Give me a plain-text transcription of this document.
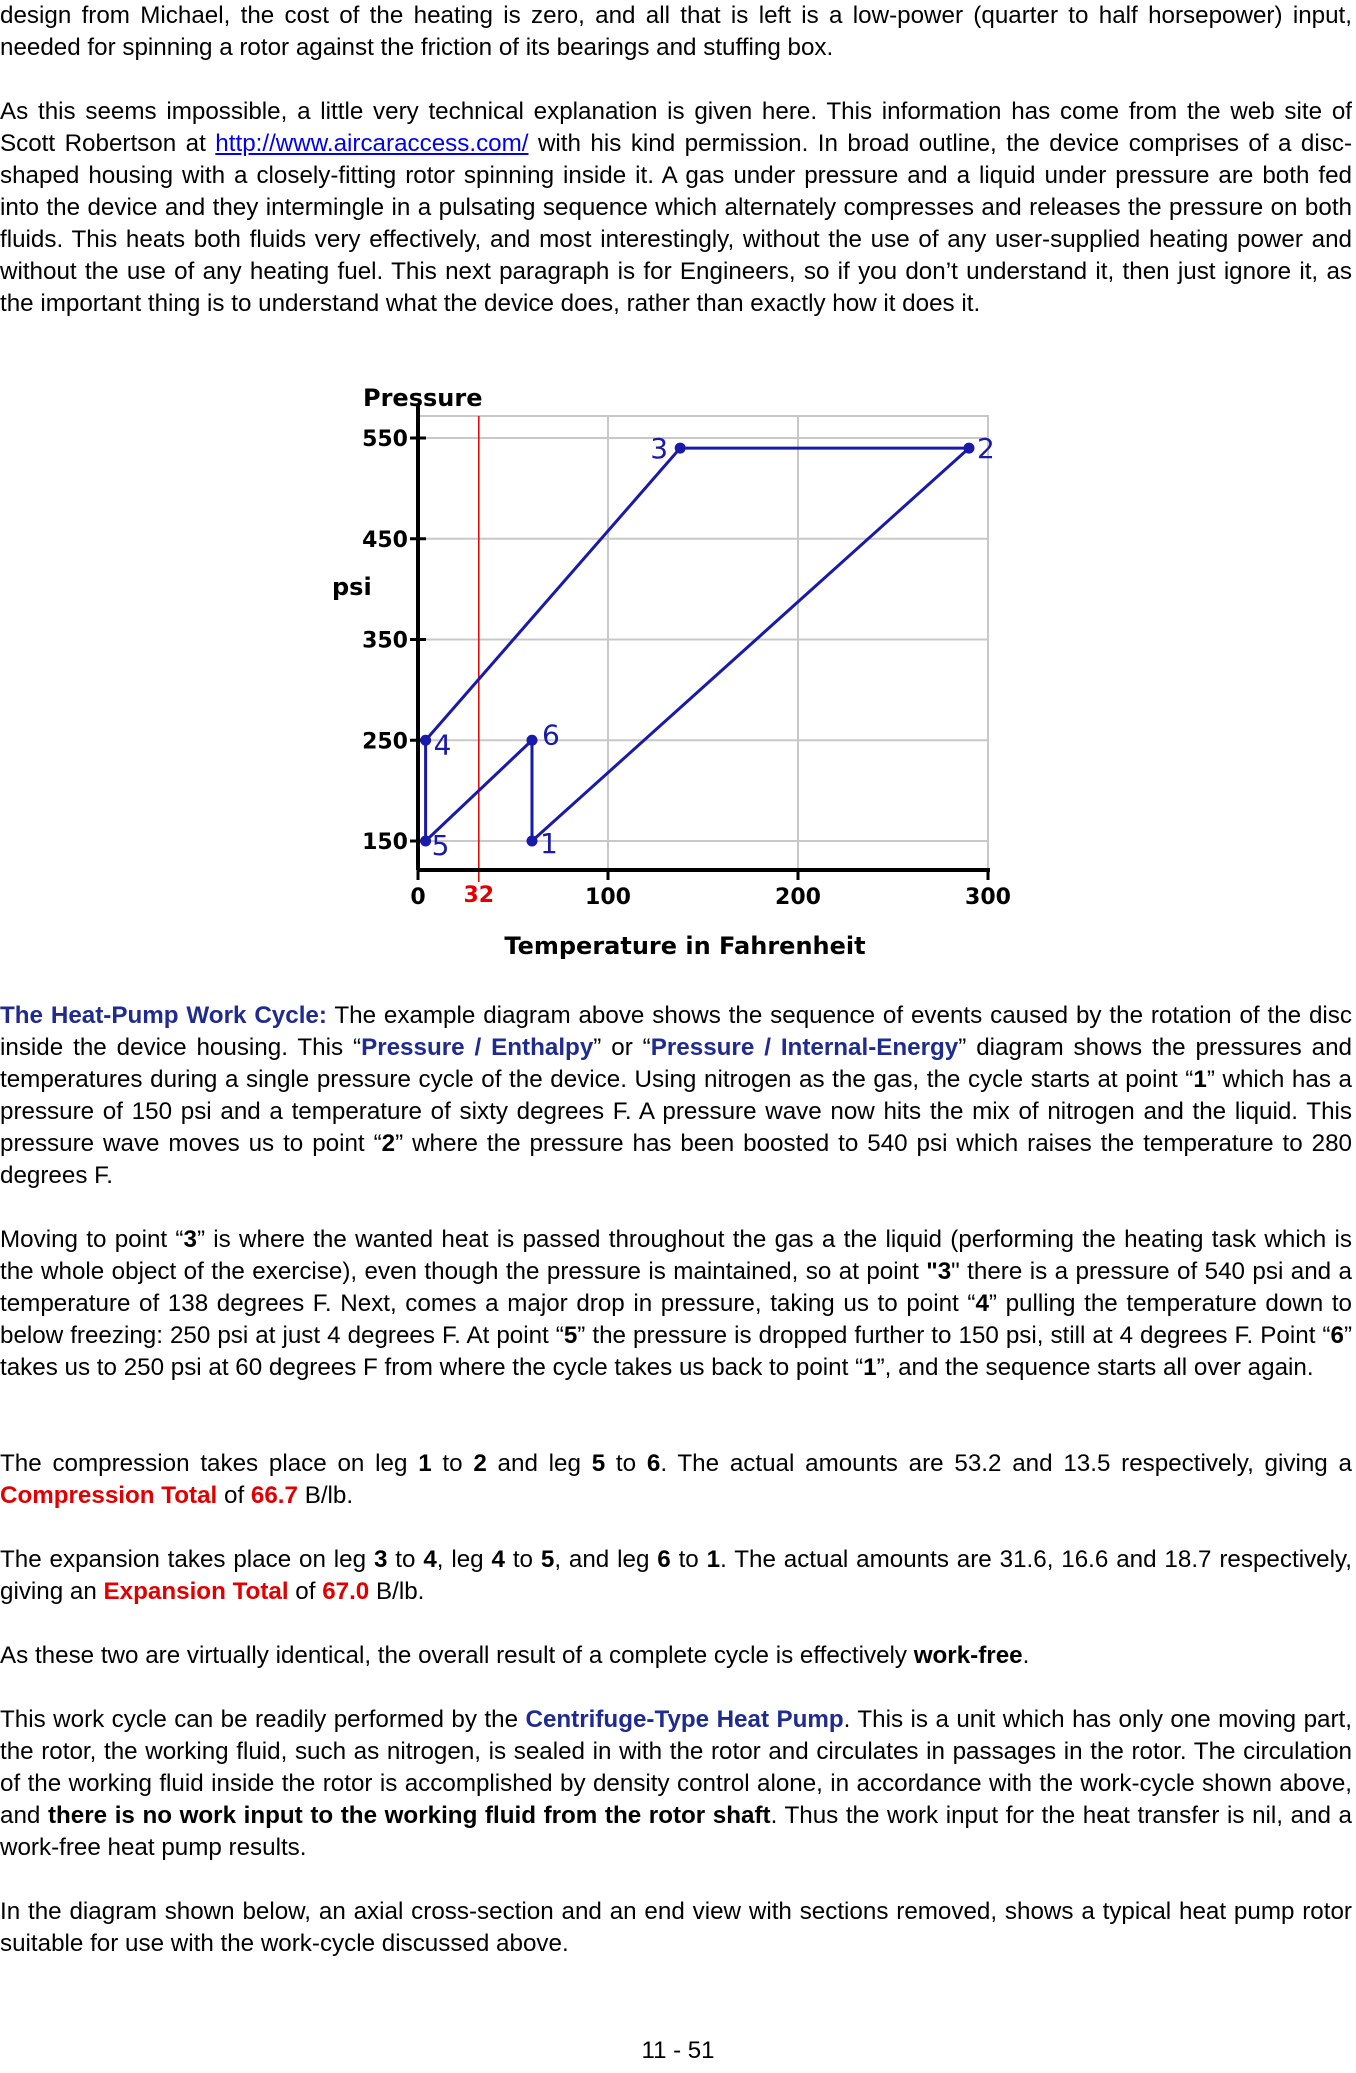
design from Michael, the cost of the heating is zero, and all that is left is a low-power (quarter to half horsepower) input, needed for spinning a rotor against the friction of its bearings and stuffing box.

As this seems impossible, a little very technical explanation is given here. This information has come from the web site of Scott Robertson at http://www.aircaraccess.com/ with his kind permission. In broad outline, the device comprises of a disc-shaped housing with a closely-fitting rotor spinning inside it. A gas under pressure and a liquid under pressure are both fed into the device and they intermingle in a pulsating sequence which alternately compresses and releases the pressure on both fluids. This heats both fluids very effectively, and most interestingly, without the use of any user-supplied heating power and without the use of any heating fuel. This next paragraph is for Engineers, so if you don’t understand it, then just ignore it, as the important thing is to understand what the device does, rather than exactly how it does it.

32
150
250
350
450
550
0	100	200	300
1
2
3
4
5
6
Pressure
psi
Temperature in Fahrenheit

The Heat-Pump Work Cycle: The example diagram above shows the sequence of events caused by the rotation of the disc inside the device housing. This “Pressure / Enthalpy” or “Pressure / Internal-Energy” diagram shows the pressures and temperatures during a single pressure cycle of the device. Using nitrogen as the gas, the cycle starts at point “1” which has a pressure of 150 psi and a temperature of sixty degrees F. A pressure wave now hits the mix of nitrogen and the liquid. This pressure wave moves us to point “2” where the pressure has been boosted to 540 psi which raises the temperature to 280 degrees F.

Moving to point “3” is where the wanted heat is passed throughout the gas a the liquid (performing the heating task which is the whole object of the exercise), even though the pressure is maintained, so at point "3" there is a pressure of 540 psi and a temperature of 138 degrees F. Next, comes a major drop in pressure, taking us to point “4” pulling the temperature down to below freezing: 250 psi at just 4 degrees F. At point “5” the pressure is dropped further to 150 psi, still at 4 degrees F. Point “6” takes us to 250 psi at 60 degrees F from where the cycle takes us back to point “1”, and the sequence starts all over again.

The compression takes place on leg 1 to 2 and leg 5 to 6. The actual amounts are 53.2 and 13.5 respectively, giving a Compression Total of 66.7 B/lb.

The expansion takes place on leg 3 to 4, leg 4 to 5, and leg 6 to 1. The actual amounts are 31.6, 16.6 and 18.7 respectively, giving an Expansion Total of 67.0 B/lb.

As these two are virtually identical, the overall result of a complete cycle is effectively work-free.

This work cycle can be readily performed by the Centrifuge-Type Heat Pump. This is a unit which has only one moving part, the rotor, the working fluid, such as nitrogen, is sealed in with the rotor and circulates in passages in the rotor. The circulation of the working fluid inside the rotor is accomplished by density control alone, in accordance with the work-cycle shown above, and there is no work input to the working fluid from the rotor shaft. Thus the work input for the heat transfer is nil, and a work-free heat pump results.

In the diagram shown below, an axial cross-section and an end view with sections removed, shows a typical heat pump rotor suitable for use with the work-cycle discussed above.

11 - 51
